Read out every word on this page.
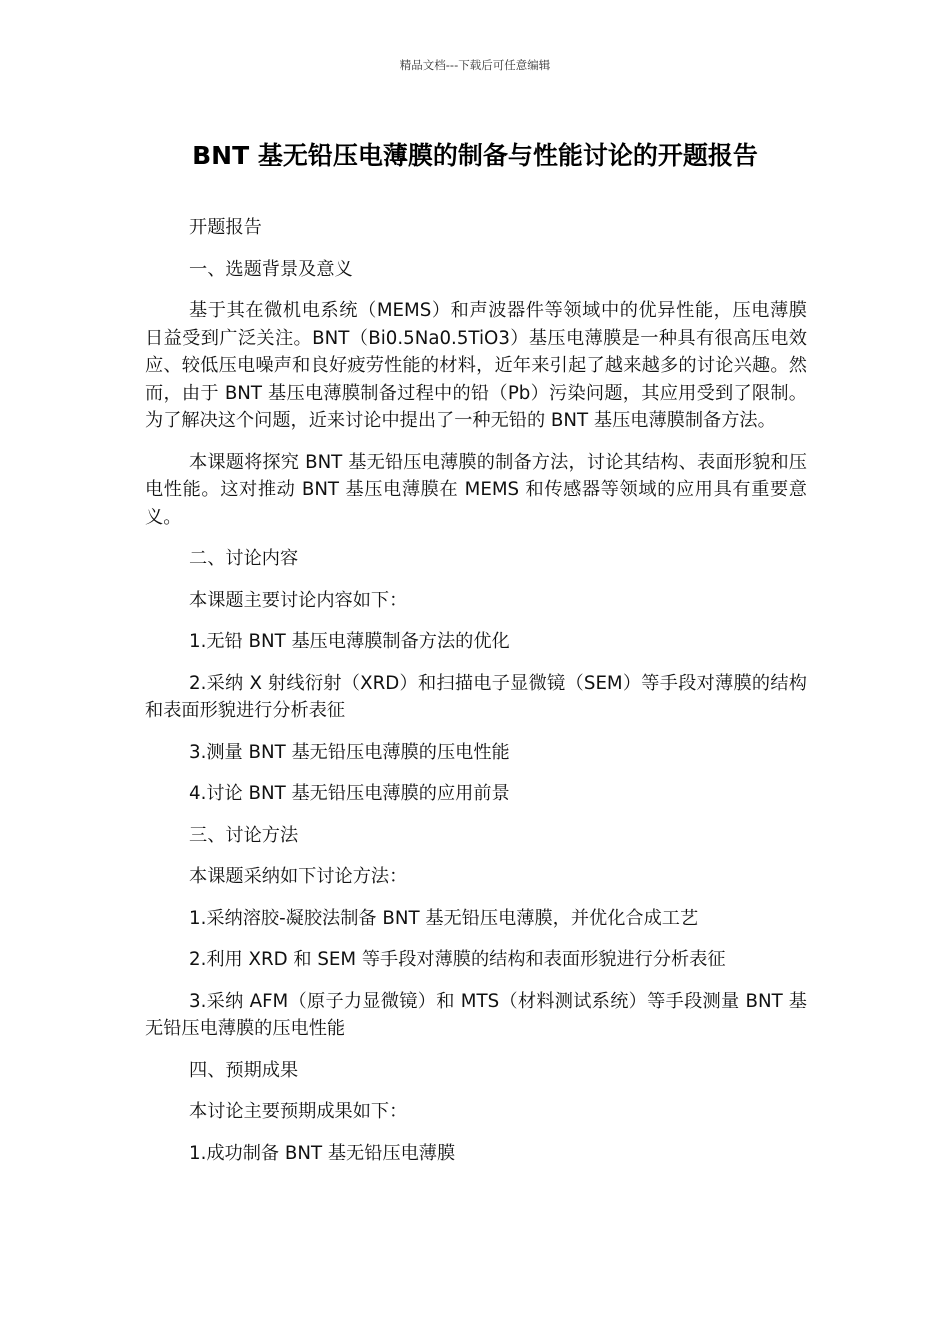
精品文档---下载后可任意编辑
BNT 基无铅压电薄膜的制备与性能讨论的开题报告

开题报告

一、选题背景及意义

基于其在微机电系统（MEMS）和声波器件等领域中的优异性能，压电薄膜日益受到广泛关注。BNT（Bi0.5Na0.5TiO3）基压电薄膜是一种具有很高压电效应、较低压电噪声和良好疲劳性能的材料，近年来引起了越来越多的讨论兴趣。然而，由于 BNT 基压电薄膜制备过程中的铅（Pb）污染问题，其应用受到了限制。为了解决这个问题，近来讨论中提出了一种无铅的 BNT 基压电薄膜制备方法。

本课题将探究 BNT 基无铅压电薄膜的制备方法，讨论其结构、表面形貌和压电性能。这对推动 BNT 基压电薄膜在 MEMS 和传感器等领域的应用具有重要意义。

二、讨论内容

本课题主要讨论内容如下：

1.无铅 BNT 基压电薄膜制备方法的优化

2.采纳 X 射线衍射（XRD）和扫描电子显微镜（SEM）等手段对薄膜的结构和表面形貌进行分析表征

3.测量 BNT 基无铅压电薄膜的压电性能

4.讨论 BNT 基无铅压电薄膜的应用前景

三、讨论方法

本课题采纳如下讨论方法：

1.采纳溶胶-凝胶法制备 BNT 基无铅压电薄膜，并优化合成工艺

2.利用 XRD 和 SEM 等手段对薄膜的结构和表面形貌进行分析表征

3.采纳 AFM（原子力显微镜）和 MTS（材料测试系统）等手段测量 BNT 基无铅压电薄膜的压电性能

四、预期成果

本讨论主要预期成果如下：

1.成功制备 BNT 基无铅压电薄膜
